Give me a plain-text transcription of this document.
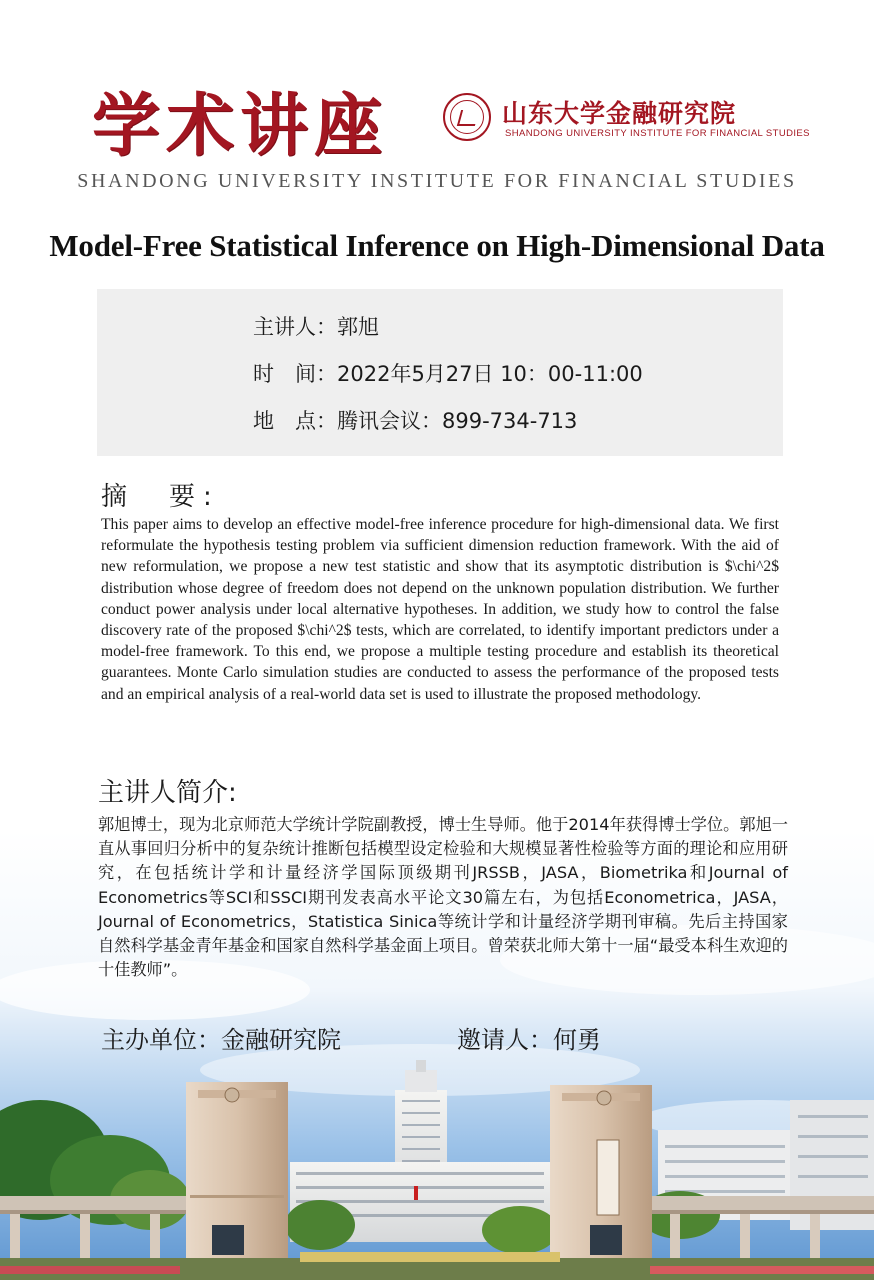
学术讲座	山东大学金融研究院
SHANDONG UNIVERSITY INSTITUTE FOR FINANCIAL STUDIES
SHANDONG UNIVERSITY INSTITUTE FOR FINANCIAL STUDIES
Model-Free Statistical Inference on High-Dimensional Data
主讲人：郭旭
时　间：2022年5月27日 10：00-11:00
地　点：腾讯会议：899-734-713
摘　要:
This paper aims to develop an effective model-free inference procedure for high-dimensional data. We first reformulate the hypothesis testing problem via sufficient dimension reduction framework. With the aid of new reformulation, we propose a new test statistic and show that its asymptotic distribution is $\chi^2$ distribution whose degree of freedom does not depend on the unknown population distribution. We further conduct power analysis under local alternative hypotheses. In addition, we study how to control the false discovery rate of the proposed $\chi^2$ tests, which are correlated, to identify important predictors under a model-free framework. To this end, we propose a multiple testing procedure and establish its theoretical guarantees. Monte Carlo simulation studies are conducted to assess the performance of the proposed tests and an empirical analysis of a real-world data set is used to illustrate the proposed methodology.
主讲人简介:
郭旭博士，现为北京师范大学统计学院副教授，博士生导师。他于2014年获得博士学位。郭旭一直从事回归分析中的复杂统计推断包括模型设定检验和大规模显著性检验等方面的理论和应用研究，在包括统计学和计量经济学国际顶级期刊JRSSB，JASA，Biometrika和Journal of Econometrics等SCI和SSCI期刊发表高水平论文30篇左右，为包括Econometrica，JASA，Journal of Econometrics，Statistica Sinica等统计学和计量经济学期刊审稿。先后主持国家自然科学基金青年基金和国家自然科学基金面上项目。曾荣获北师大第十一届“最受本科生欢迎的十佳教师”。
主办单位：金融研究院	邀请人：何勇
